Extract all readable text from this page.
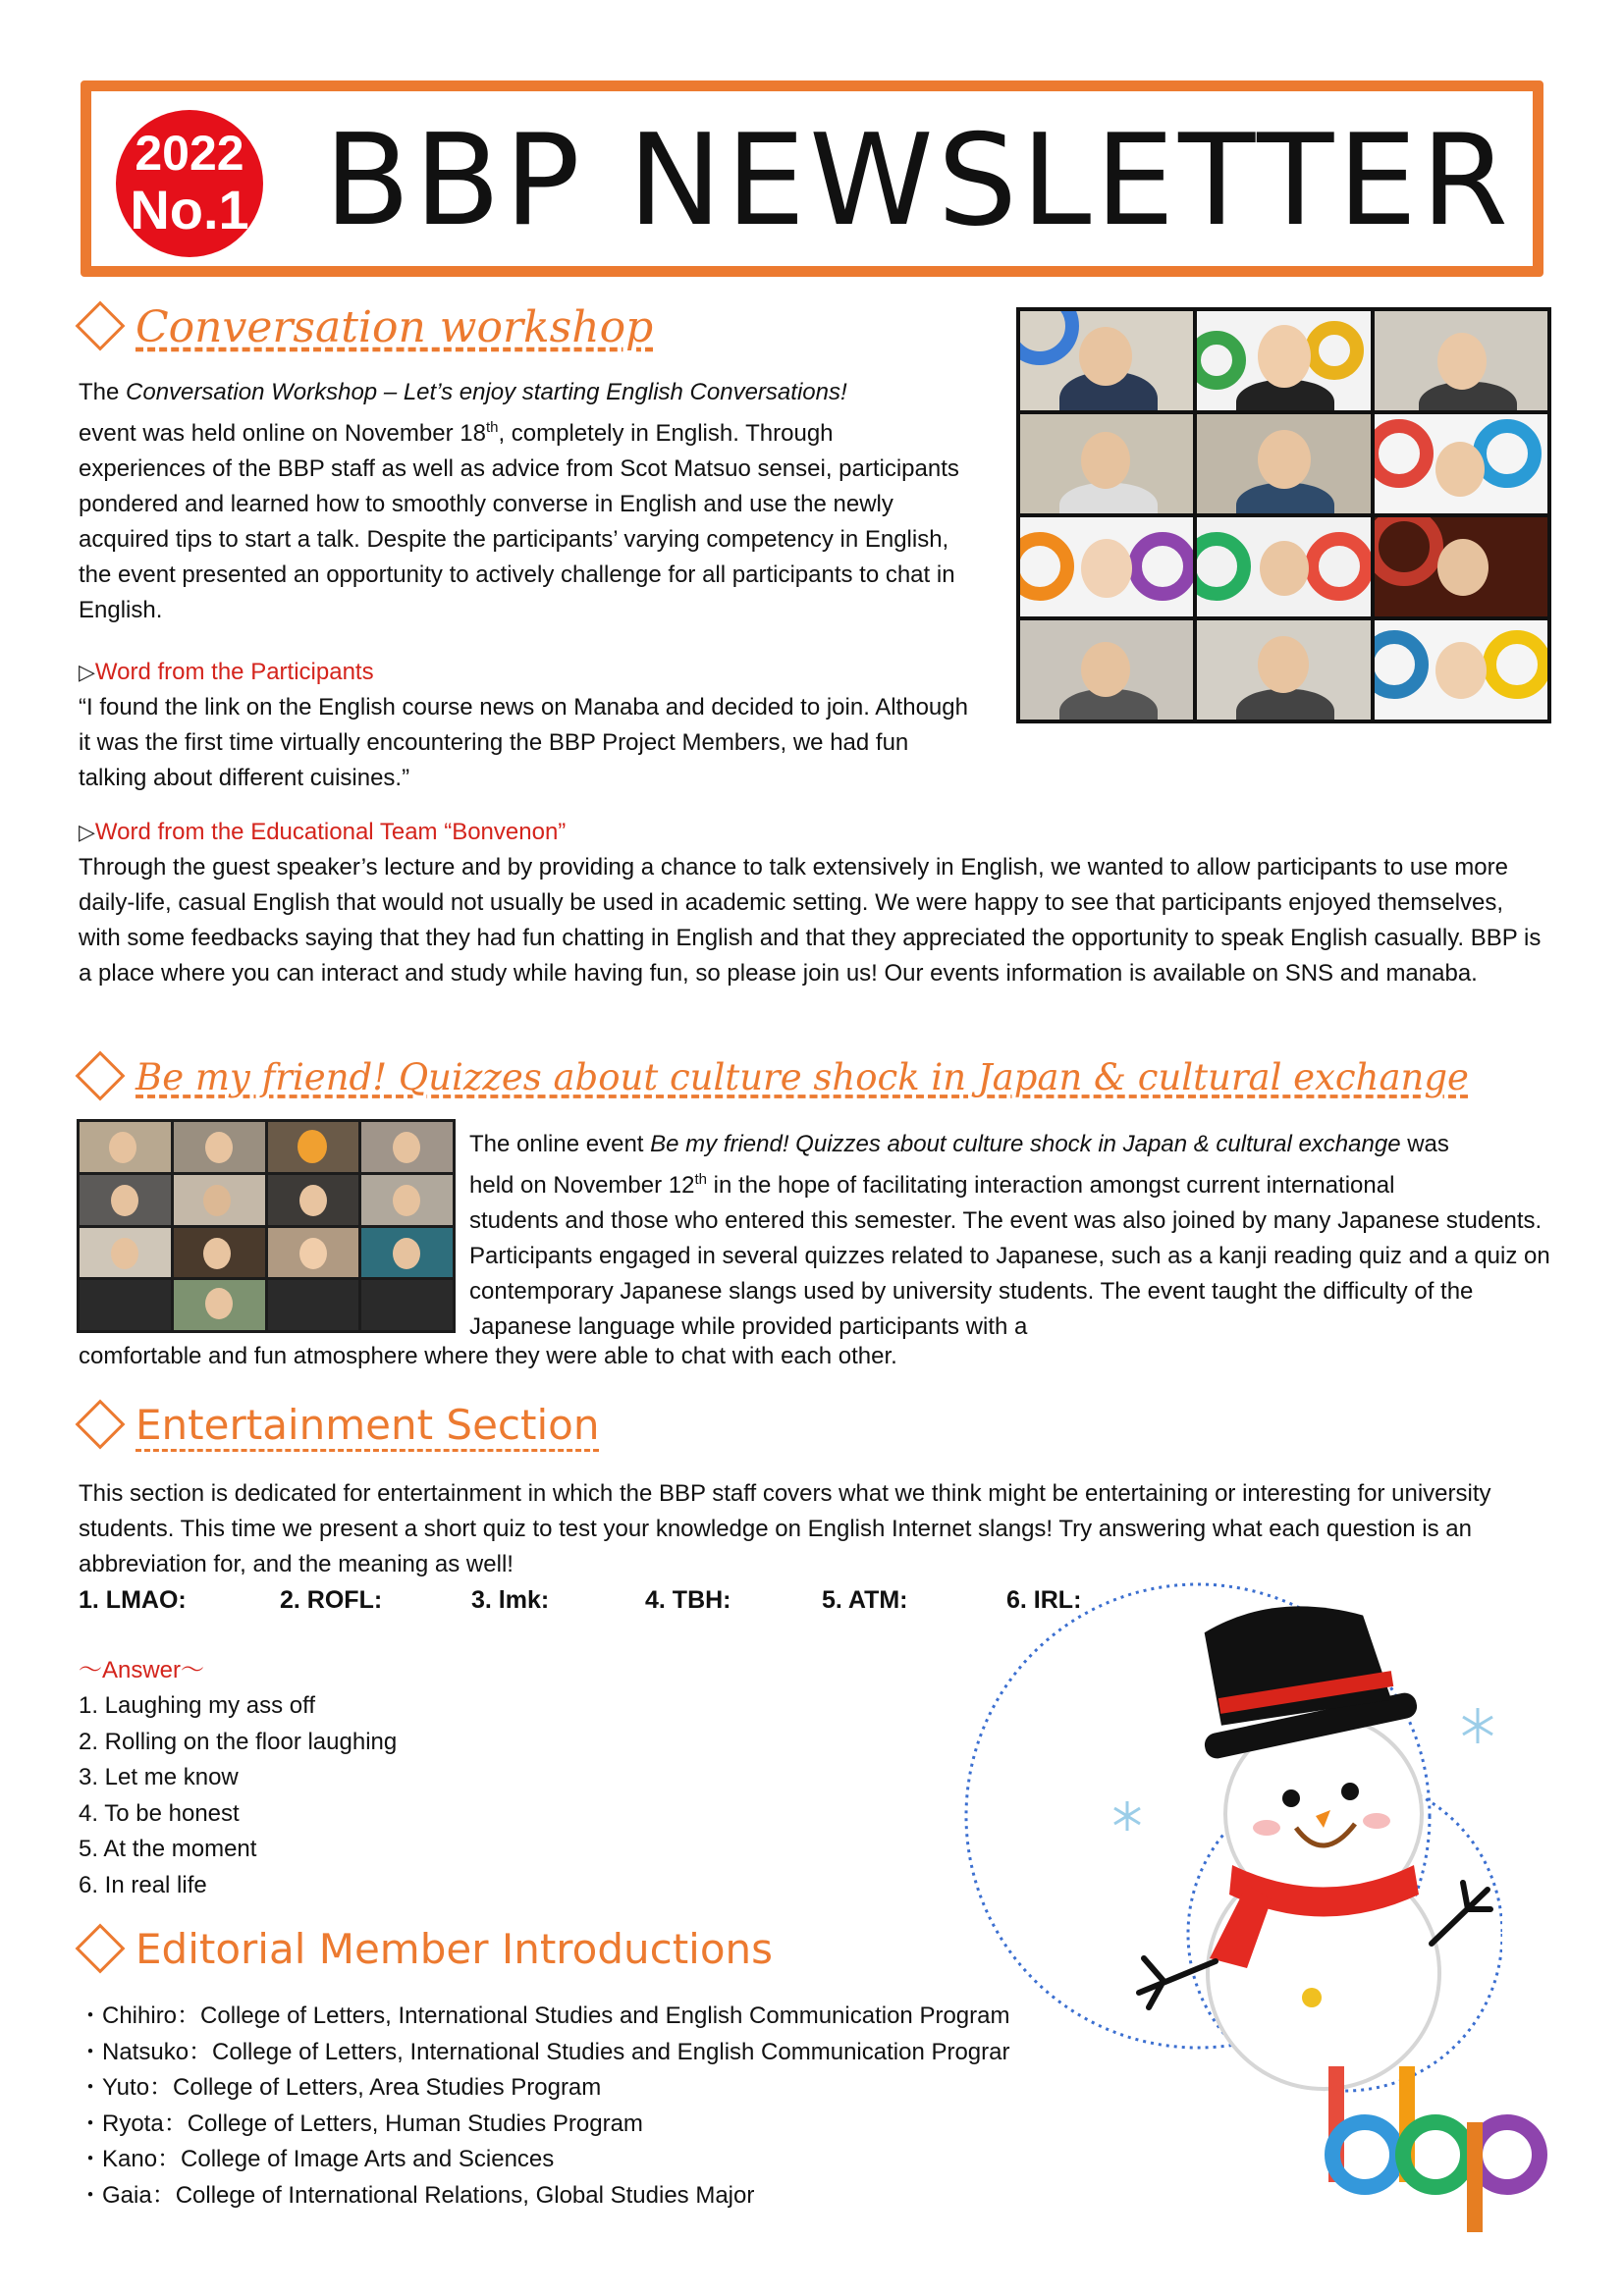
2022
No.1 BBP NEWSLETTER
Conversation workshop
The Conversation Workshop – Let’s enjoy starting English Conversations!
event was held online on November 18th, completely in English. Through
experiences of the BBP staff as well as advice from Scot Matsuo sensei, participants pondered and learned how to smoothly converse in English and use the newly acquired tips to start a talk. Despite the participants’ varying competency in English, the event presented an opportunity to actively challenge for all participants to chat in English.
▷Word from the Participants
“I found the link on the English course news on Manaba and decided to join. Although it was the first time virtually encountering the BBP Project Members, we had fun talking about different cuisines.”
▷Word from the Educational Team “Bonvenon”
Through the guest speaker’s lecture and by providing a chance to talk extensively in English, we wanted to allow participants to use more daily-life, casual English that would not usually be used in academic setting. We were happy to see that participants enjoyed themselves, with some feedbacks saying that they had fun chatting in English and that they appreciated the opportunity to speak English casually. BBP is a place where you can interact and study while having fun, so please join us! Our events information is available on SNS and manaba.
Be my friend! Quizzes about culture shock in Japan & cultural exchange
The online event Be my friend! Quizzes about culture shock in Japan & cultural exchange was
held on November 12th in the hope of facilitating interaction amongst current international
students and those who entered this semester. The event was also joined by many Japanese students. Participants engaged in several quizzes related to Japanese, such as a kanji reading quiz and a quiz on contemporary Japanese slangs used by university students. The event taught the difficulty of the Japanese language while provided participants with a
comfortable and fun atmosphere where they were able to chat with each other.
Entertainment Section
This section is dedicated for entertainment in which the BBP staff covers what we think might be entertaining or interesting for university students. This time we present a short quiz to test your knowledge on English Internet slangs! Try answering what each question is an abbreviation for, and the meaning as well!
1. LMAO:	2. ROFL:	3. lmk:	4. TBH:	5. ATM:	6. IRL:
〜Answer〜
1. Laughing my ass off
2. Rolling on the floor laughing
3. Let me know
4. To be honest
5. At the moment
6. In real life
Editorial Member Introductions
・Chihiro：College of Letters, International Studies and English Communication Program
・Natsuko：College of Letters, International Studies and English Communication Prograr
・Yuto：College of Letters, Area Studies Program
・Ryota：College of Letters, Human Studies Program
・Kano：College of Image Arts and Sciences
・Gaia：College of International Relations, Global Studies Major
